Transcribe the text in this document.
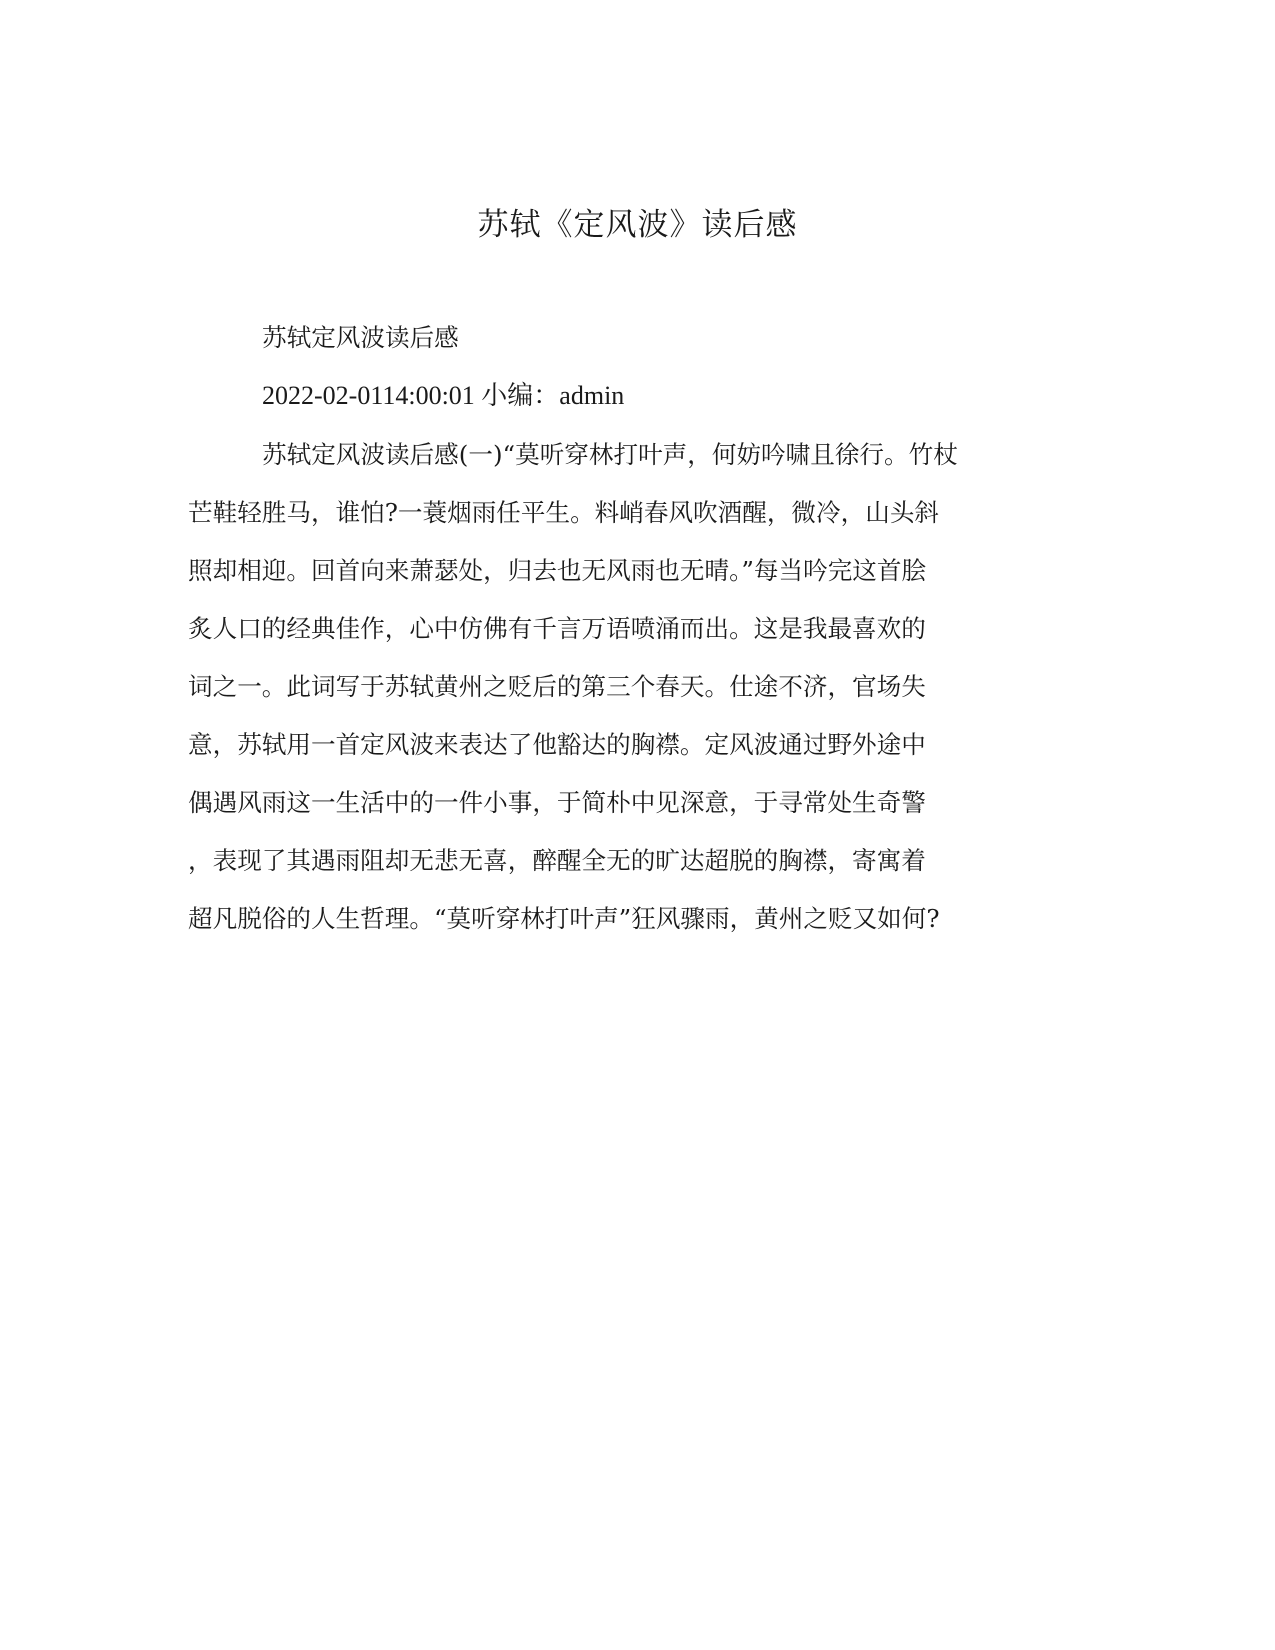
苏轼《定风波》读后感

苏轼定风波读后感

2022-02-0114:00:01 小编：admin

苏轼定风波读后感(一)“莫听穿林打叶声，何妨吟啸且徐行。竹杖

芒鞋轻胜马，谁怕?一蓑烟雨任平生。料峭春风吹酒醒，微冷，山头斜

照却相迎。回首向来萧瑟处，归去也无风雨也无晴。”每当吟完这首脍

炙人口的经典佳作，心中仿佛有千言万语喷涌而出。这是我最喜欢的

词之一。此词写于苏轼黄州之贬后的第三个春天。仕途不济，官场失

意，苏轼用一首定风波来表达了他豁达的胸襟。定风波通过野外途中

偶遇风雨这一生活中的一件小事，于简朴中见深意，于寻常处生奇警

，表现了其遇雨阻却无悲无喜，醉醒全无的旷达超脱的胸襟，寄寓着

超凡脱俗的人生哲理。“莫听穿林打叶声”狂风骤雨，黄州之贬又如何?
